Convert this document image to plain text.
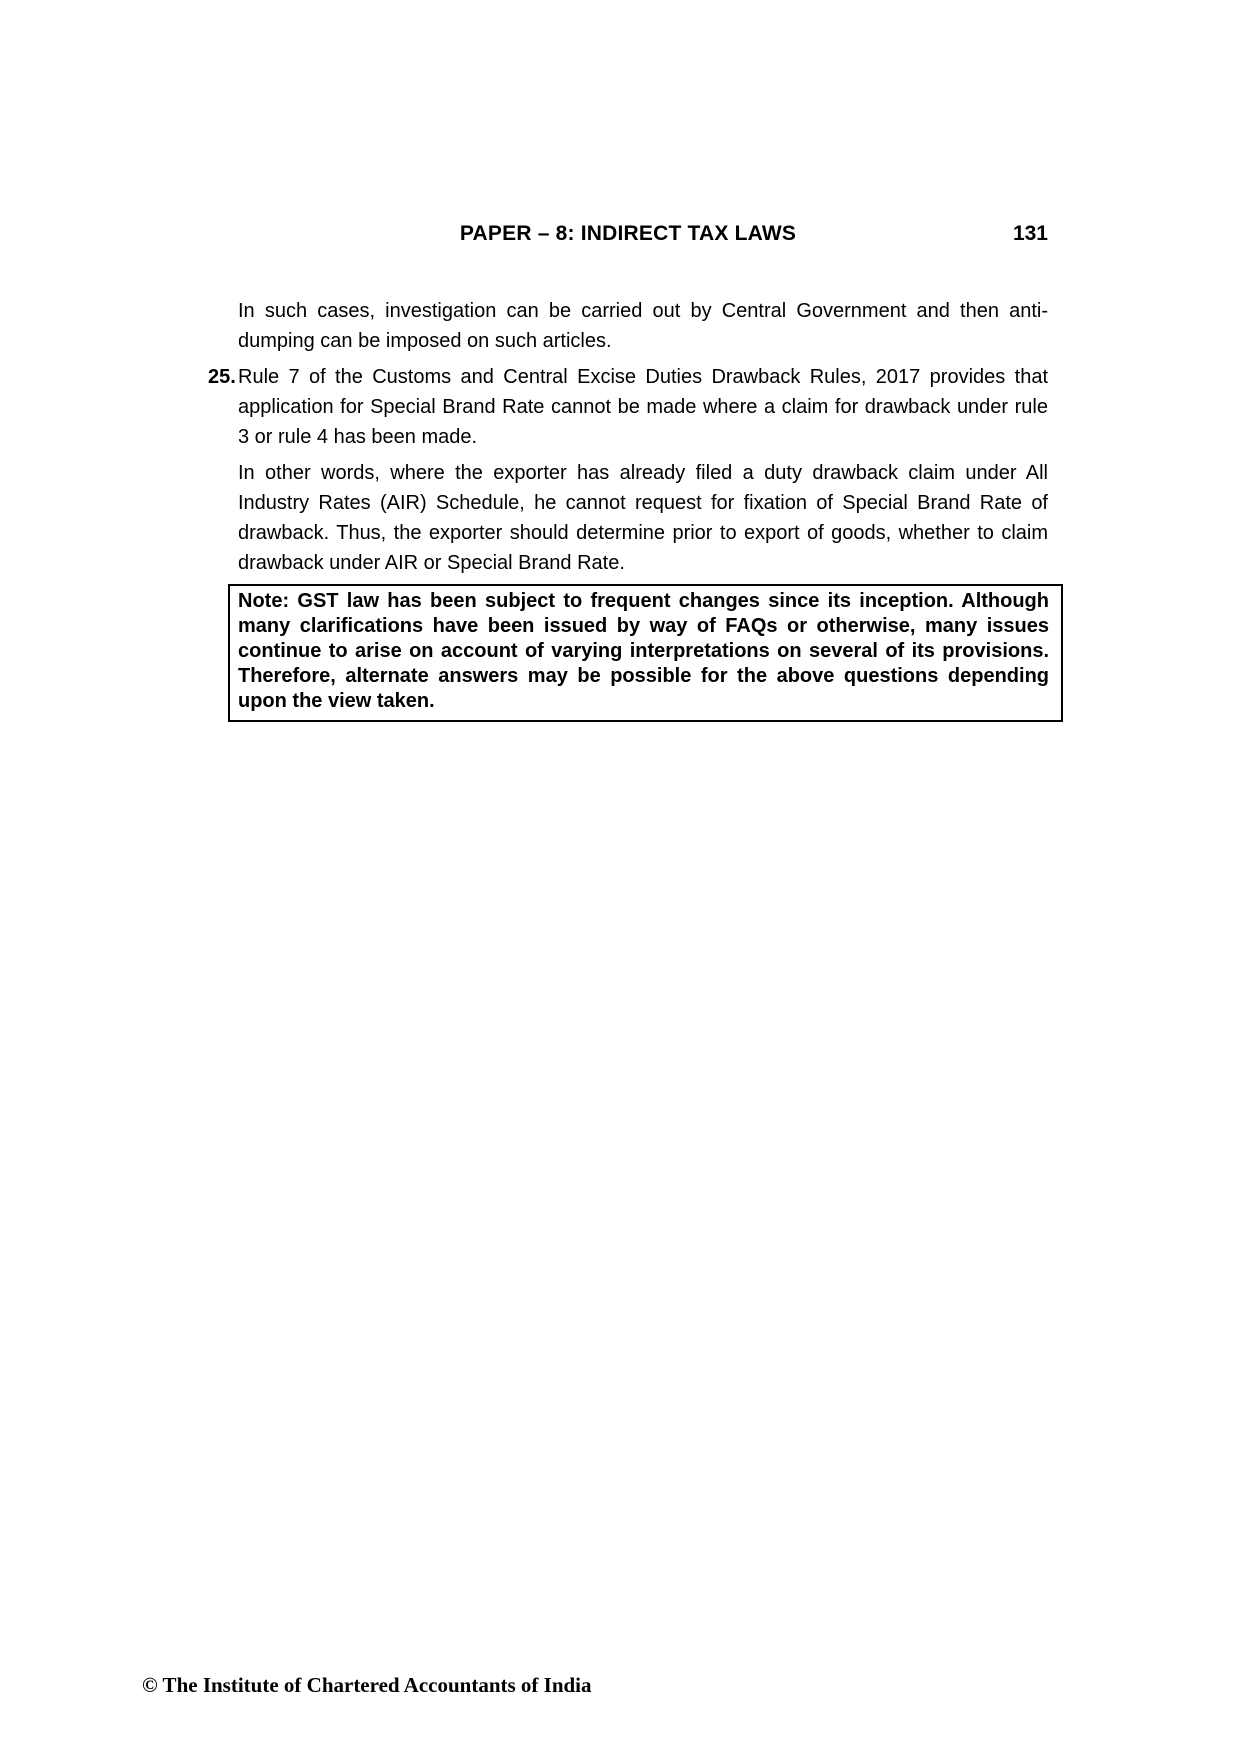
PAPER – 8: INDIRECT TAX LAWS	131

In such cases, investigation can be carried out by Central Government and then anti-dumping can be imposed on such articles.

25. Rule 7 of the Customs and Central Excise Duties Drawback Rules, 2017 provides that application for Special Brand Rate cannot be made where a claim for drawback under rule 3 or rule 4 has been made.

In other words, where the exporter has already filed a duty drawback claim under All Industry Rates (AIR) Schedule, he cannot request for fixation of Special Brand Rate of drawback. Thus, the exporter should determine prior to export of goods, whether to claim drawback under AIR or Special Brand Rate.

Note: GST law has been subject to frequent changes since its inception. Although many clarifications have been issued by way of FAQs or otherwise, many issues continue to arise on account of varying interpretations on several of its provisions. Therefore, alternate answers may be possible for the above questions depending upon the view taken.

© The Institute of Chartered Accountants of India
